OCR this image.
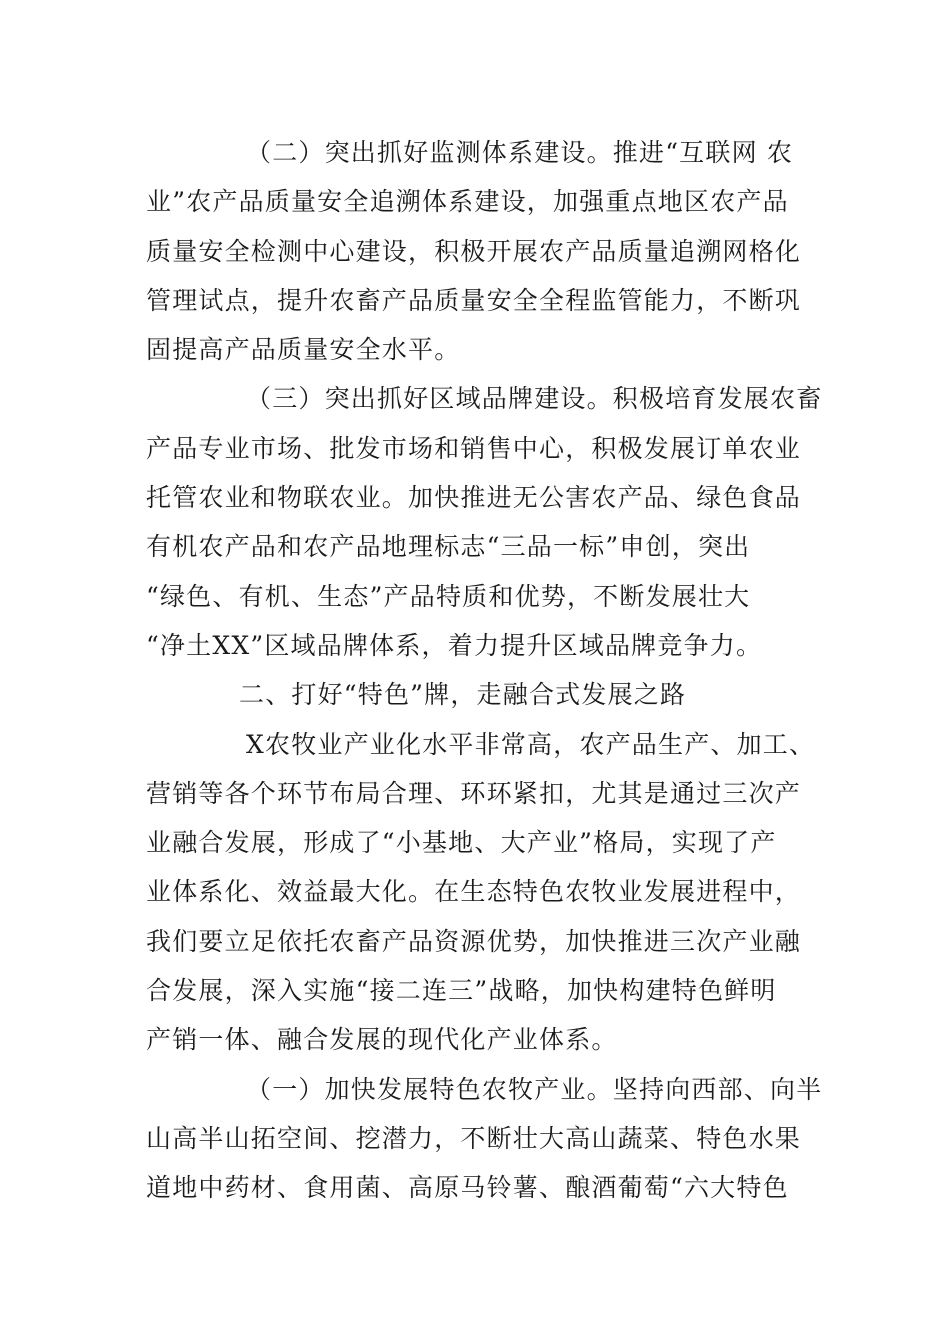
（二）突出抓好监测体系建设。推进“互联网 农
业”农产品质量安全追溯体系建设，加强重点地区农产品
质量安全检测中心建设，积极开展农产品质量追溯网格化
管理试点，提升农畜产品质量安全全程监管能力，不断巩
固提高产品质量安全水平。
（三）突出抓好区域品牌建设。积极培育发展农畜
产品专业市场、批发市场和销售中心，积极发展订单农业
托管农业和物联农业。加快推进无公害农产品、绿色食品
有机农产品和农产品地理标志“三品一标”申创，突出
“绿色、有机、生态”产品特质和优势，不断发展壮大
“净土XX”区域品牌体系，着力提升区域品牌竞争力。
二、打好“特色”牌，走融合式发展之路
X农牧业产业化水平非常高，农产品生产、加工、
营销等各个环节布局合理、环环紧扣，尤其是通过三次产
业融合发展，形成了“小基地、大产业”格局，实现了产
业体系化、效益最大化。在生态特色农牧业发展进程中，
我们要立足依托农畜产品资源优势，加快推进三次产业融
合发展，深入实施“接二连三”战略，加快构建特色鲜明
产销一体、融合发展的现代化产业体系。
（一）加快发展特色农牧产业。坚持向西部、向半
山高半山拓空间、挖潜力，不断壮大高山蔬菜、特色水果
道地中药材、食用菌、高原马铃薯、酿酒葡萄“六大特色
